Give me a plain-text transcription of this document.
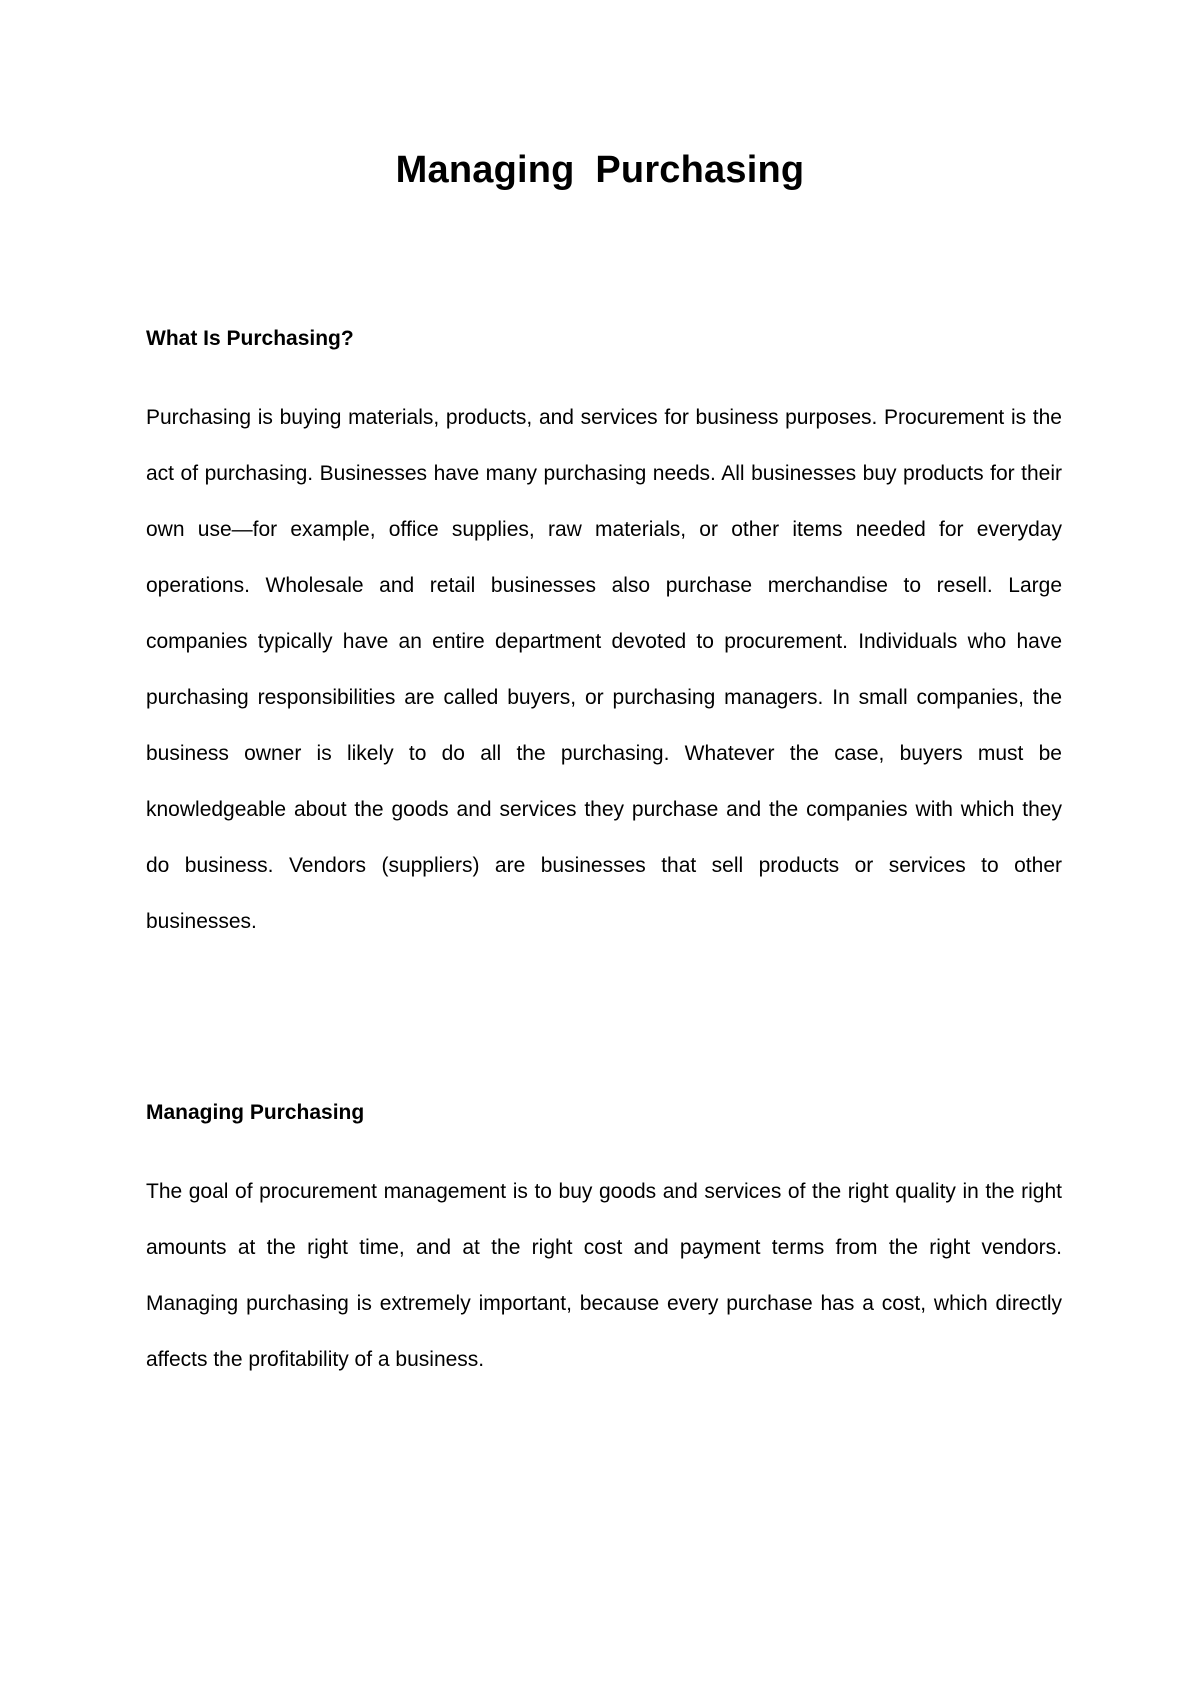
Managing Purchasing
What Is Purchasing?

Purchasing is buying materials, products, and services for business purposes. Procurement is the act of purchasing. Businesses have many purchasing needs. All businesses buy products for their own use—for example, office supplies, raw materials, or other items needed for everyday operations. Wholesale and retail businesses also purchase merchandise to resell. Large companies typically have an entire department devoted to procurement. Individuals who have purchasing responsibilities are called buyers, or purchasing managers. In small companies, the business owner is likely to do all the purchasing. Whatever the case, buyers must be knowledgeable about the goods and services they purchase and the companies with which they do business. Vendors (suppliers) are businesses that sell products or services to other businesses.

Managing Purchasing

The goal of procurement management is to buy goods and services of the right quality in the right amounts at the right time, and at the right cost and payment terms from the right vendors. Managing purchasing is extremely important, because every purchase has a cost, which directly affects the profitability of a business.
